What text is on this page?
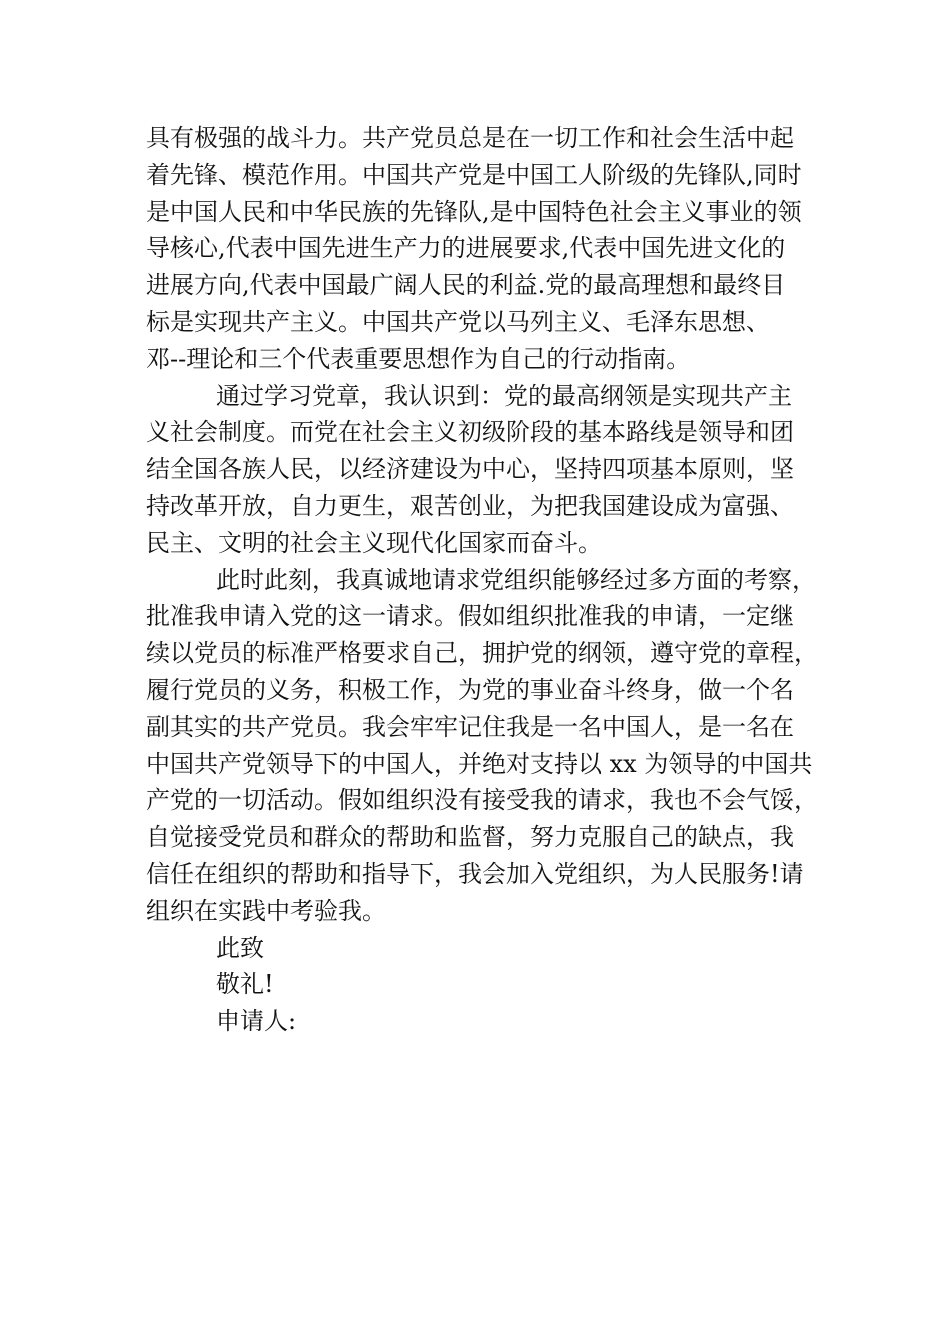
具有极强的战斗力。共产党员总是在一切工作和社会生活中起
着先锋、模范作用。中国共产党是中国工人阶级的先锋队,同时
是中国人民和中华民族的先锋队,是中国特色社会主义事业的领
导核心,代表中国先进生产力的进展要求,代表中国先进文化的
进展方向,代表中国最广阔人民的利益.党的最高理想和最终目
标是实现共产主义。中国共产党以马列主义、毛泽东思想、
邓--理论和三个代表重要思想作为自己的行动指南。
通过学习党章，我认识到：党的最高纲领是实现共产主
义社会制度。而党在社会主义初级阶段的基本路线是领导和团
结全国各族人民，以经济建设为中心，坚持四项基本原则，坚
持改革开放，自力更生，艰苦创业，为把我国建设成为富强、
民主、文明的社会主义现代化国家而奋斗。
此时此刻，我真诚地请求党组织能够经过多方面的考察，
批准我申请入党的这一请求。假如组织批准我的申请，一定继
续以党员的标准严格要求自己，拥护党的纲领，遵守党的章程，
履行党员的义务，积极工作，为党的事业奋斗终身，做一个名
副其实的共产党员。我会牢牢记住我是一名中国人，是一名在
中国共产党领导下的中国人，并绝对支持以 xx 为领导的中国共
产党的一切活动。假如组织没有接受我的请求，我也不会气馁，
自觉接受党员和群众的帮助和监督，努力克服自己的缺点，我
信任在组织的帮助和指导下，我会加入党组织，为人民服务!请
组织在实践中考验我。
此致
敬礼!
申请人:
